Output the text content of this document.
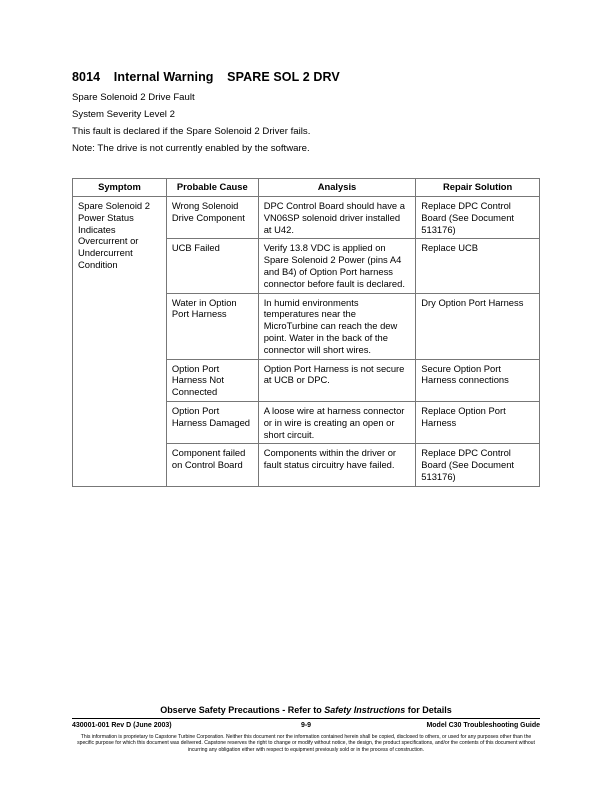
8014 Internal Warning SPARE SOL 2 DRV
Spare Solenoid 2 Drive Fault
System Severity Level 2
This fault is declared if the Spare Solenoid 2 Driver fails.
Note: The drive is not currently enabled by the software.
Symptom	Probable Cause	Analysis	Repair Solution
Spare Solenoid 2 Power Status Indicates Overcurrent or Undercurrent Condition	Wrong Solenoid Drive Component	DPC Control Board should have a VN06SP solenoid driver installed at U42.	Replace DPC Control Board (See Document 513176)
	UCB Failed	Verify 13.8 VDC is applied on Spare Solenoid 2 Power (pins A4 and B4) of Option Port harness connector before fault is declared.	Replace UCB
	Water in Option Port Harness	In humid environments temperatures near the MicroTurbine can reach the dew point. Water in the back of the connector will short wires.	Dry Option Port Harness
	Option Port Harness Not Connected	Option Port Harness is not secure at UCB or DPC.	Secure Option Port Harness connections
	Option Port Harness Damaged	A loose wire at harness connector or in wire is creating an open or short circuit.	Replace Option Port Harness
	Component failed on Control Board	Components within the driver or fault status circuitry have failed.	Replace DPC Control Board (See Document 513176)
Observe Safety Precautions - Refer to Safety Instructions for Details
430001-001 Rev D (June 2003)	9-9	Model C30 Troubleshooting Guide
This information is proprietary to Capstone Turbine Corporation. Neither this document nor the information contained herein shall be copied, disclosed to others, or used for any purposes other than the specific purpose for which this document was delivered. Capstone reserves the right to change or modify without notice, the design, the product specifications, and/or the contents of this document without incurring any obligation either with respect to equipment previously sold or in the process of construction.
